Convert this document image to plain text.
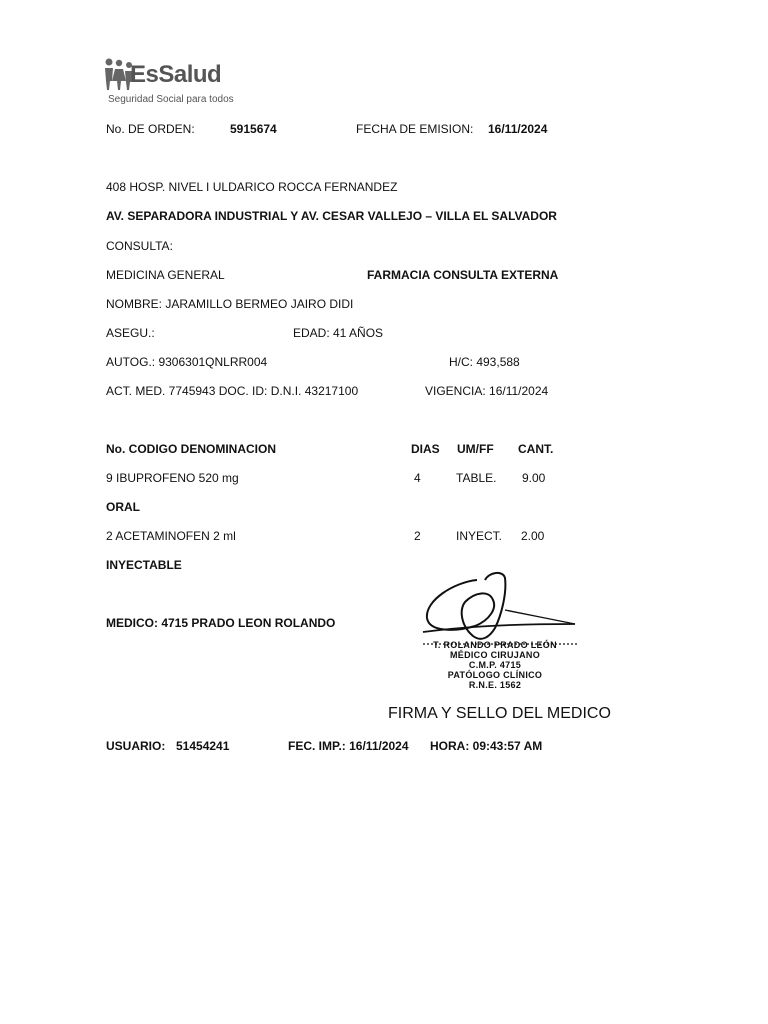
EsSalud
Seguridad Social para todos
No. DE ORDEN:	5915674	FECHA DE EMISION: 16/11/2024
408 HOSP. NIVEL I ULDARICO ROCCA FERNANDEZ
AV. SEPARADORA INDUSTRIAL Y AV. CESAR VALLEJO – VILLA EL SALVADOR
CONSULTA:
MEDICINA GENERAL	FARMACIA CONSULTA EXTERNA
NOMBRE: JARAMILLO BERMEO JAIRO DIDI
ASEGU.:	EDAD: 41 AÑOS
AUTOG.: 9306301QNLRR004	H/C: 493,588
ACT. MED. 7745943 DOC. ID: D.N.I. 43217100	VIGENCIA: 16/11/2024
No. CODIGO DENOMINACION	DIAS UM/FF CANT.
9 IBUPROFENO 520 mg	4	TABLE. 9.00
ORAL
2 ACETAMINOFEN 2 ml	2	INYECT. 2.00
INYECTABLE
MEDICO: 4715 PRADO LEON ROLANDO
T. ROLANDO PRADO LEÓN
MÉDICO CIRUJANO
C.M.P. 4715
PATÓLOGO CLÍNICO
R.N.E. 1562
FIRMA Y SELLO DEL MEDICO
USUARIO: 51454241	FEC. IMP.: 16/11/2024 HORA: 09:43:57 AM
